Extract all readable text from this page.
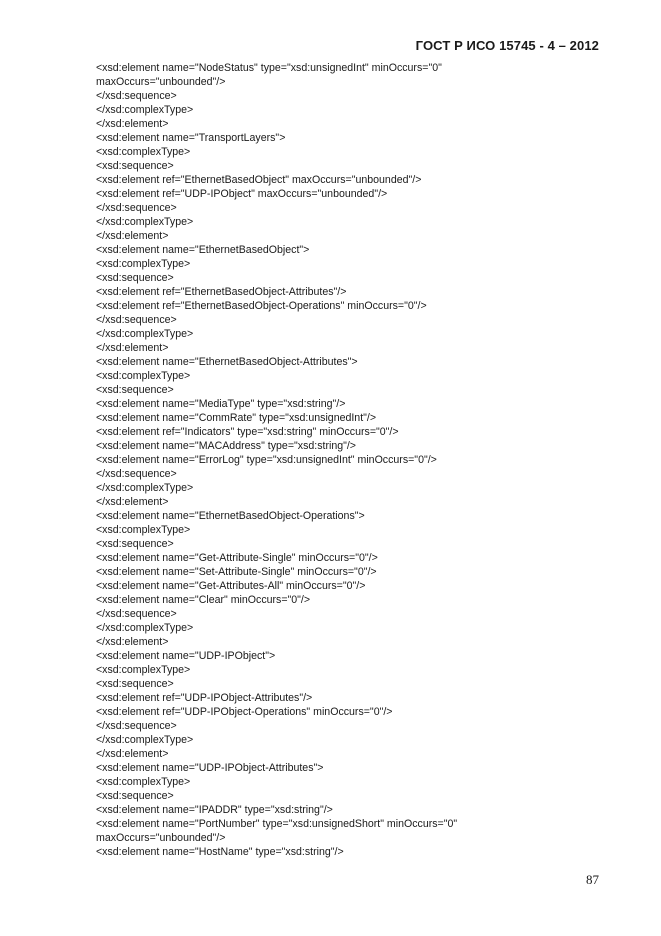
ГОСТ Р ИСО 15745 - 4 – 2012
<xsd:element name="NodeStatus" type="xsd:unsignedInt" minOccurs="0"
maxOccurs="unbounded"/>
</xsd:sequence>
</xsd:complexType>
</xsd:element>
<xsd:element name="TransportLayers">
<xsd:complexType>
<xsd:sequence>
<xsd:element ref="EthernetBasedObject" maxOccurs="unbounded"/>
<xsd:element ref="UDP-IPObject" maxOccurs="unbounded"/>
</xsd:sequence>
</xsd:complexType>
</xsd:element>
<xsd:element name="EthernetBasedObject">
<xsd:complexType>
<xsd:sequence>
<xsd:element ref="EthernetBasedObject-Attributes"/>
<xsd:element ref="EthernetBasedObject-Operations" minOccurs="0"/>
</xsd:sequence>
</xsd:complexType>
</xsd:element>
<xsd:element name="EthernetBasedObject-Attributes">
<xsd:complexType>
<xsd:sequence>
<xsd:element name="MediaType" type="xsd:string"/>
<xsd:element name="CommRate" type="xsd:unsignedInt"/>
<xsd:element ref="Indicators" type="xsd:string" minOccurs="0"/>
<xsd:element name="MACAddress" type="xsd:string"/>
<xsd:element name="ErrorLog" type="xsd:unsignedInt" minOccurs="0"/>
</xsd:sequence>
</xsd:complexType>
</xsd:element>
<xsd:element name="EthernetBasedObject-Operations">
<xsd:complexType>
<xsd:sequence>
<xsd:element name="Get-Attribute-Single" minOccurs="0"/>
<xsd:element name="Set-Attribute-Single" minOccurs="0"/>
<xsd:element name="Get-Attributes-All" minOccurs="0"/>
<xsd:element name="Clear" minOccurs="0"/>
</xsd:sequence>
</xsd:complexType>
</xsd:element>
<xsd:element name="UDP-IPObject">
<xsd:complexType>
<xsd:sequence>
<xsd:element ref="UDP-IPObject-Attributes"/>
<xsd:element ref="UDP-IPObject-Operations" minOccurs="0"/>
</xsd:sequence>
</xsd:complexType>
</xsd:element>
<xsd:element name="UDP-IPObject-Attributes">
<xsd:complexType>
<xsd:sequence>
<xsd:element name="IPADDR" type="xsd:string"/>
<xsd:element name="PortNumber" type="xsd:unsignedShort" minOccurs="0"
maxOccurs="unbounded"/>
<xsd:element name="HostName" type="xsd:string"/>
87
